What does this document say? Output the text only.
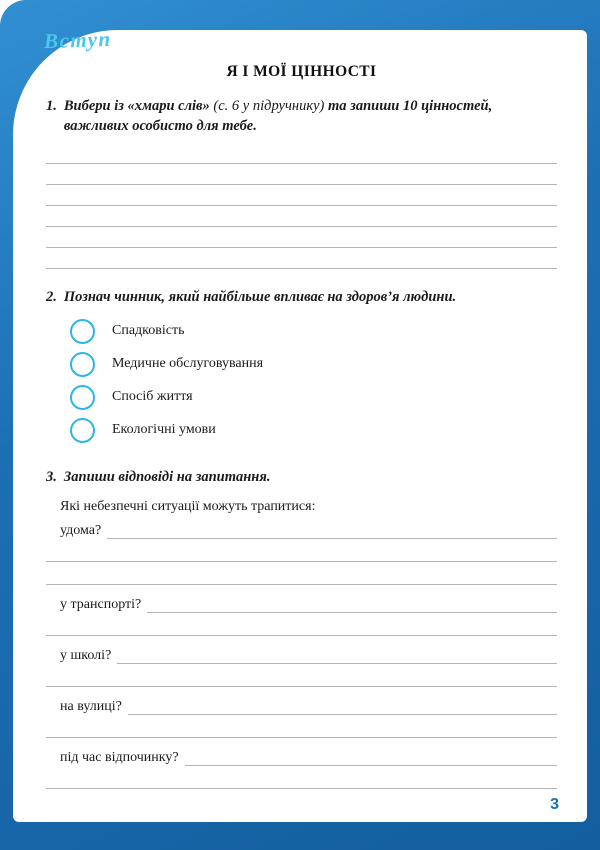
Вступ
Я І МОЇ ЦІННОСТІ
1. Вибери із «хмари слів» (с. 6 у підручнику) та запиши 10 цінностей, важливих особисто для тебе.
2. Познач чинник, який найбільше впливає на здоров’я людини.
Спадковість
Медичне обслуговування
Спосіб життя
Екологічні умови
3. Запиши відповіді на запитання.
Які небезпечні ситуації можуть трапитися:
удома?
у транспорті?
у школі?
на вулиці?
під час відпочинку?
3
